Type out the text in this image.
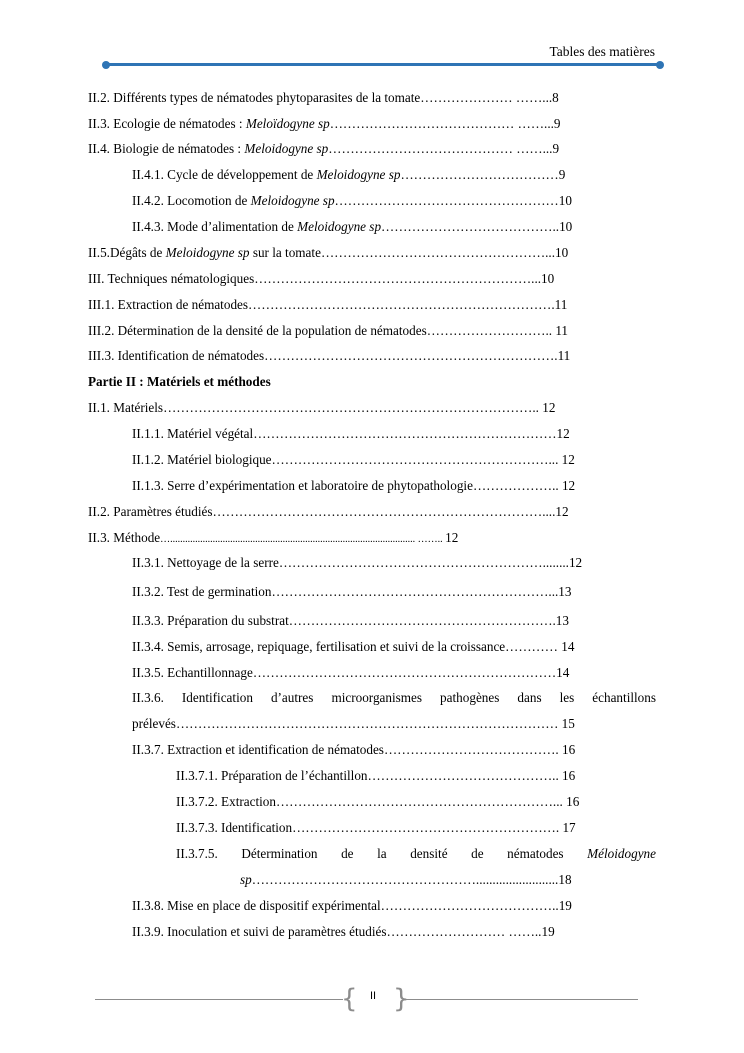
Tables des matières
II.2. Différents types de nématodes phytoparasites de la tomate………………… ……...8
II.3. Ecologie de nématodes : Meloïdogyne sp…………………………………… ……...9
II.4. Biologie de nématodes : Meloidogyne sp…………………………………… ……...9
II.4.1. Cycle de développement de Meloidogyne sp………………………………9
II.4.2. Locomotion de Meloidogyne sp……………………………………………10
II.4.3. Mode d’alimentation de Meloidogyne sp…………………………………..10
II.5.Dégâts de Meloidogyne sp sur la tomate……………………………………………...10
III. Techniques nématologiques………………………………………………………...10
III.1. Extraction de nématodes…………………………………………………………….11
III.2. Détermination de la densité de la population de nématodes……………………….. 11
III.3. Identification de nématodes………………………………………………………….11
Partie II : Matériels et méthodes
II.1. Matériels………………………………………………………………………….. 12
II.1.1. Matériel végétal……………………………………………………………12
II.1.2. Matériel biologique………………………………………………………... 12
II.1.3. Serre d’expérimentation et laboratoire de phytopathologie……………….. 12
II.2. Paramètres étudiés…………………………………………………………………....12
II.3. Méthode….................................................................................................. …….. 12
II.3.1. Nettoyage de la serre……………………………………………………........12
II.3.2. Test de germination………………………………………………………...13
II.3.3. Préparation du substrat…………………………………………………….13
II.3.4. Semis, arrosage, repiquage, fertilisation et suivi de la croissance………… 14
II.3.5. Echantillonnage……………………………………………………………14
II.3.6. Identification d’autres microorganismes pathogènes dans les échantillons
prélevés…………………………………………………………………………… 15
II.3.7. Extraction et identification de nématodes…………………………………. 16
II.3.7.1. Préparation de l’échantillon…………………………………….. 16
II.3.7.2. Extraction………………………………………………………... 16
II.3.7.3. Identification……………………………………………………. 17
II.3.7.5. Détermination de la densité de nématodes Méloidogyne
sp…………………………………………….........................18
II.3.8. Mise en place de dispositif expérimental…………………………………..19
II.3.9. Inoculation et suivi de paramètres étudiés……………………… ……..19
{ }
II
